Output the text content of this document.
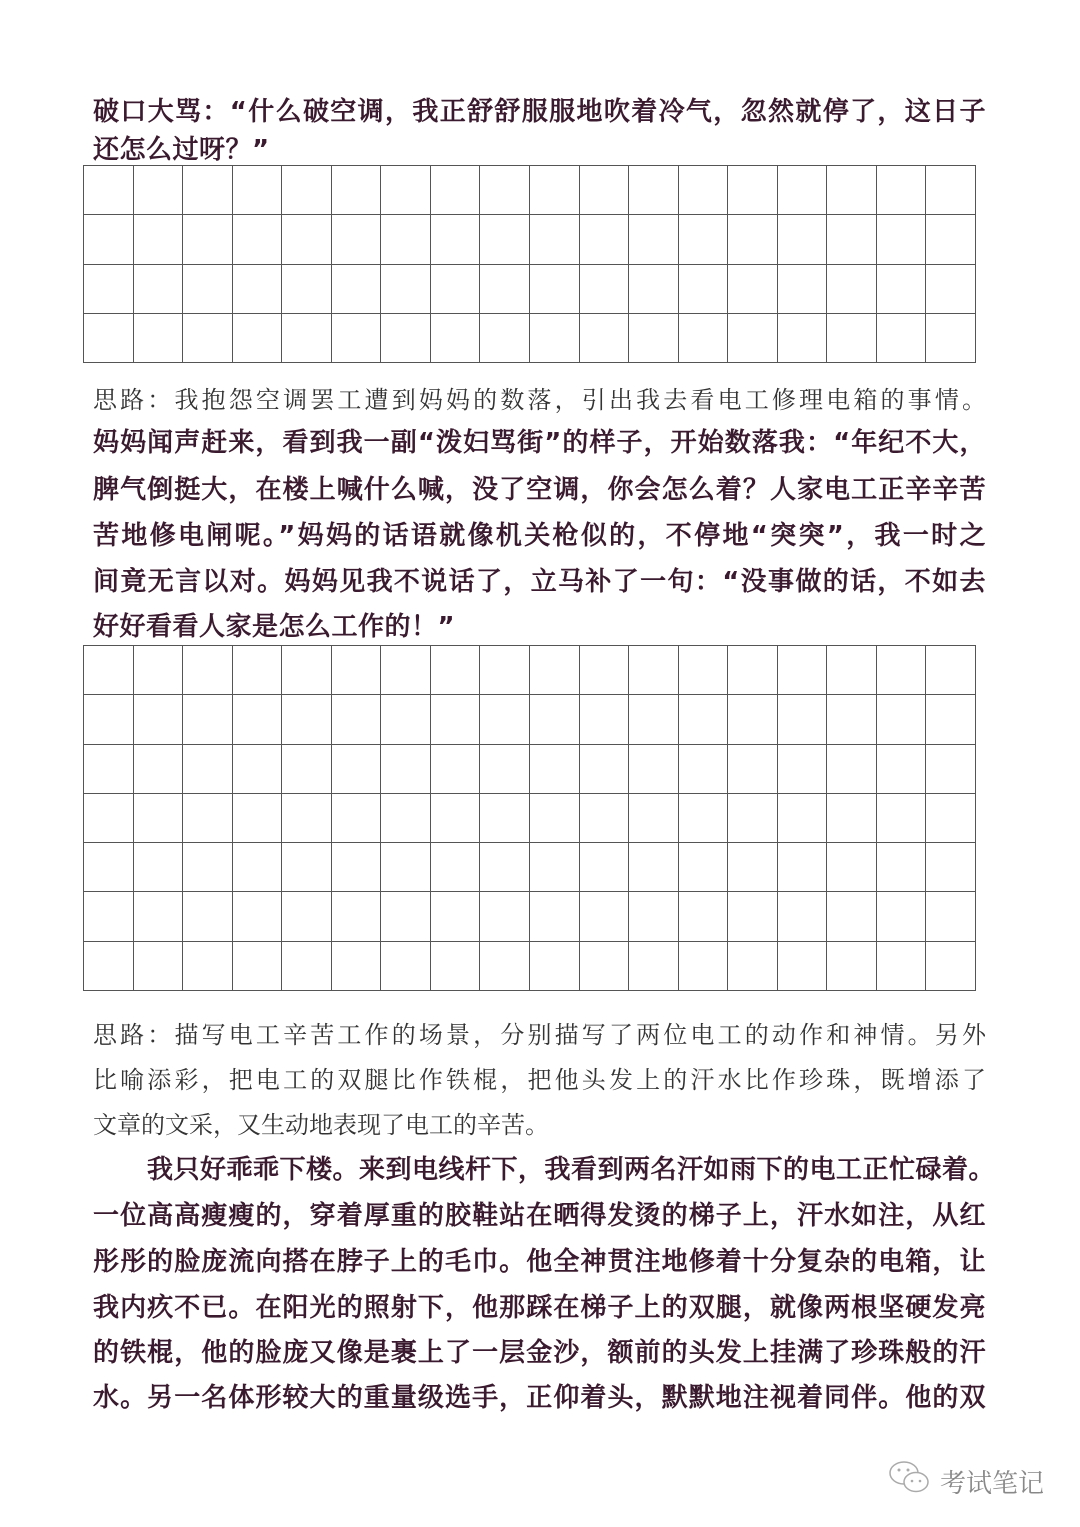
破口大骂：“什么破空调，我正舒舒服服地吹着冷气，忽然就停了，这日子
还怎么过呀？”
思路：我抱怨空调罢工遭到妈妈的数落，引出我去看电工修理电箱的事情。
妈妈闻声赶来，看到我一副“泼妇骂街”的样子，开始数落我：“年纪不大，
脾气倒挺大，在楼上喊什么喊，没了空调，你会怎么着？人家电工正辛辛苦
苦地修电闸呢。”妈妈的话语就像机关枪似的，不停地“突突”，我一时之
间竟无言以对。妈妈见我不说话了，立马补了一句：“没事做的话，不如去
好好看看人家是怎么工作的！”
思路：描写电工辛苦工作的场景，分别描写了两位电工的动作和神情。另外
比喻添彩，把电工的双腿比作铁棍，把他头发上的汗水比作珍珠，既增添了
文章的文采，又生动地表现了电工的辛苦。
我只好乖乖下楼。来到电线杆下，我看到两名汗如雨下的电工正忙碌着。
一位高高瘦瘦的，穿着厚重的胶鞋站在晒得发烫的梯子上，汗水如注，从红
彤彤的脸庞流向搭在脖子上的毛巾。他全神贯注地修着十分复杂的电箱，让
我内疚不已。在阳光的照射下，他那踩在梯子上的双腿，就像两根坚硬发亮
的铁棍，他的脸庞又像是裹上了一层金沙，额前的头发上挂满了珍珠般的汗
水。另一名体形较大的重量级选手，正仰着头，默默地注视着同伴。他的双
考试笔记
